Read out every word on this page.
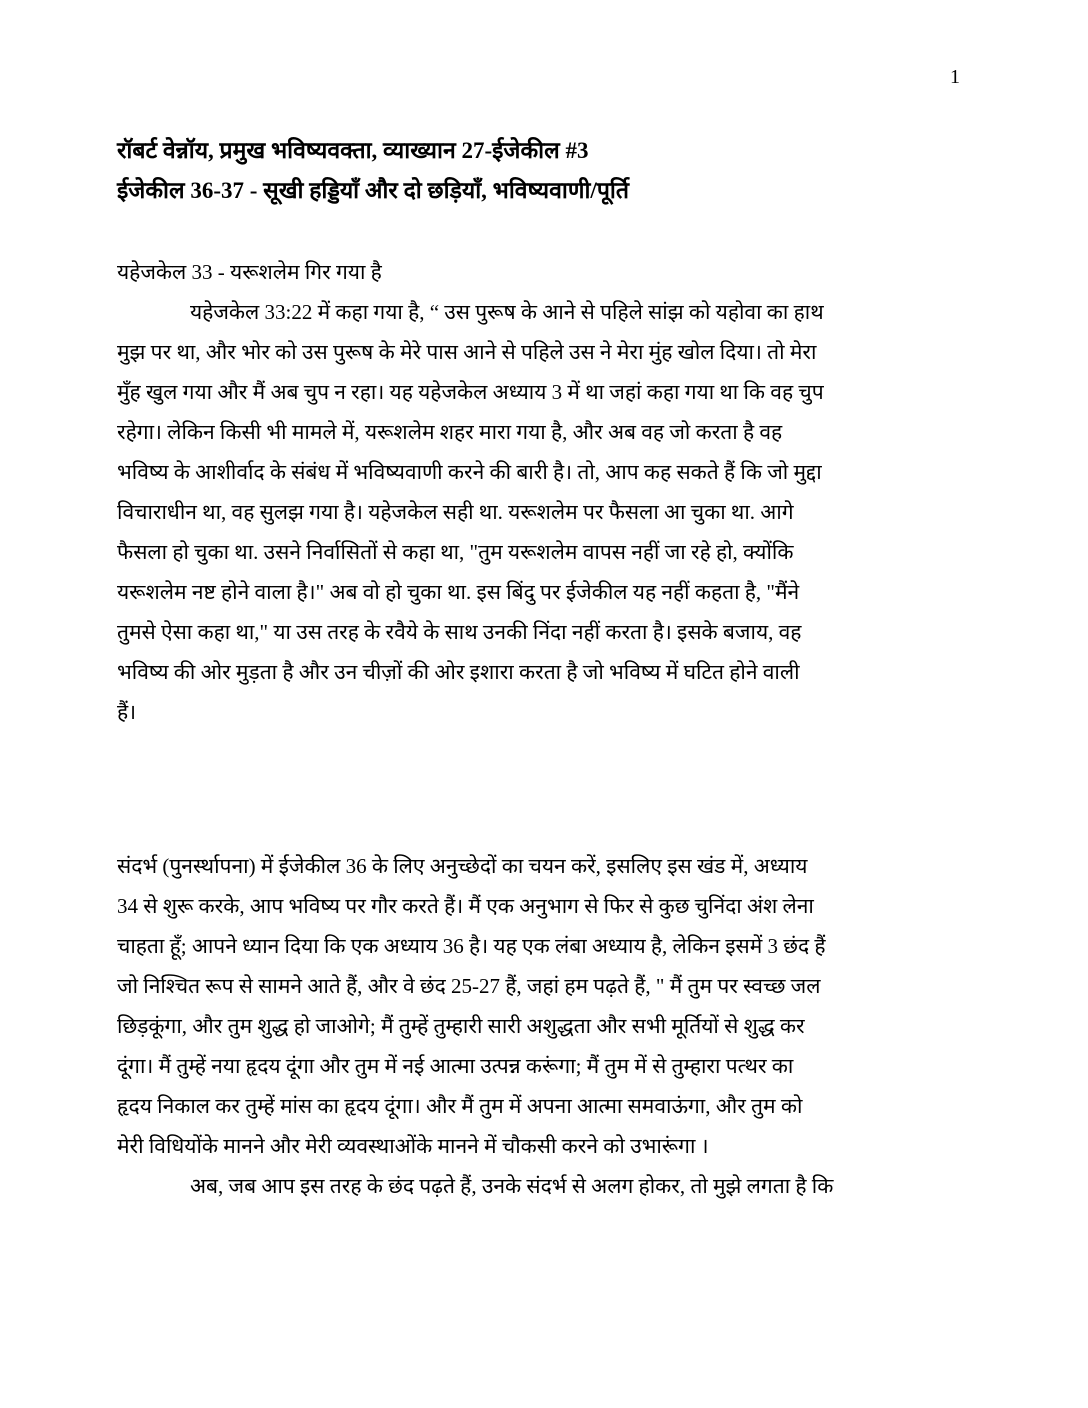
1
रॉबर्ट वेन्नॉय, प्रमुख भविष्यवक्ता, व्याख्यान 27-ईजेकील #3
ईजेकील 36-37 - सूखी हड्डियाँ और दो छड़ियाँ, भविष्यवाणी/पूर्ति
यहेजकेल 33 - यरूशलेम गिर गया है
यहेजकेल 33:22 में कहा गया है, “ उस पुरूष के आने से पहिले सांझ को यहोवा का हाथ
मुझ पर था, और भोर को उस पुरूष के मेरे पास आने से पहिले उस ने मेरा मुंह खोल दिया। तो मेरा
मुँह खुल गया और मैं अब चुप न रहा। यह यहेजकेल अध्याय 3 में था जहां कहा गया था कि वह चुप
रहेगा। लेकिन किसी भी मामले में, यरूशलेम शहर मारा गया है, और अब वह जो करता है वह
भविष्य के आशीर्वाद के संबंध में भविष्यवाणी करने की बारी है। तो, आप कह सकते हैं कि जो मुद्दा
विचाराधीन था, वह सुलझ गया है। यहेजकेल सही था. यरूशलेम पर फैसला आ चुका था. आगे
फैसला हो चुका था. उसने निर्वासितों से कहा था, "तुम यरूशलेम वापस नहीं जा रहे हो, क्योंकि
यरूशलेम नष्ट होने वाला है।" अब वो हो चुका था. इस बिंदु पर ईजेकील यह नहीं कहता है, "मैंने
तुमसे ऐसा कहा था," या उस तरह के रवैये के साथ उनकी निंदा नहीं करता है। इसके बजाय, वह
भविष्य की ओर मुड़ता है और उन चीज़ों की ओर इशारा करता है जो भविष्य में घटित होने वाली
हैं।
संदर्भ (पुनर्स्थापना) में ईजेकील 36 के लिए अनुच्छेदों का चयन करें, इसलिए इस खंड में, अध्याय
34 से शुरू करके, आप भविष्य पर गौर करते हैं। मैं एक अनुभाग से फिर से कुछ चुनिंदा अंश लेना
चाहता हूँ; आपने ध्यान दिया कि एक अध्याय 36 है। यह एक लंबा अध्याय है, लेकिन इसमें 3 छंद हैं
जो निश्चित रूप से सामने आते हैं, और वे छंद 25-27 हैं, जहां हम पढ़ते हैं, " मैं तुम पर स्वच्छ जल
छिड़कूंगा, और तुम शुद्ध हो जाओगे; मैं तुम्हें तुम्हारी सारी अशुद्धता और सभी मूर्तियों से शुद्ध कर
दूंगा। मैं तुम्हें नया हृदय दूंगा और तुम में नई आत्मा उत्पन्न करूंगा; मैं तुम में से तुम्हारा पत्थर का
हृदय निकाल कर तुम्हें मांस का हृदय दूंगा। और मैं तुम में अपना आत्मा समवाऊंगा, और तुम को
मेरी विधियोंके मानने और मेरी व्यवस्थाओंके मानने में चौकसी करने को उभारूंगा ।
अब, जब आप इस तरह के छंद पढ़ते हैं, उनके संदर्भ से अलग होकर, तो मुझे लगता है कि
